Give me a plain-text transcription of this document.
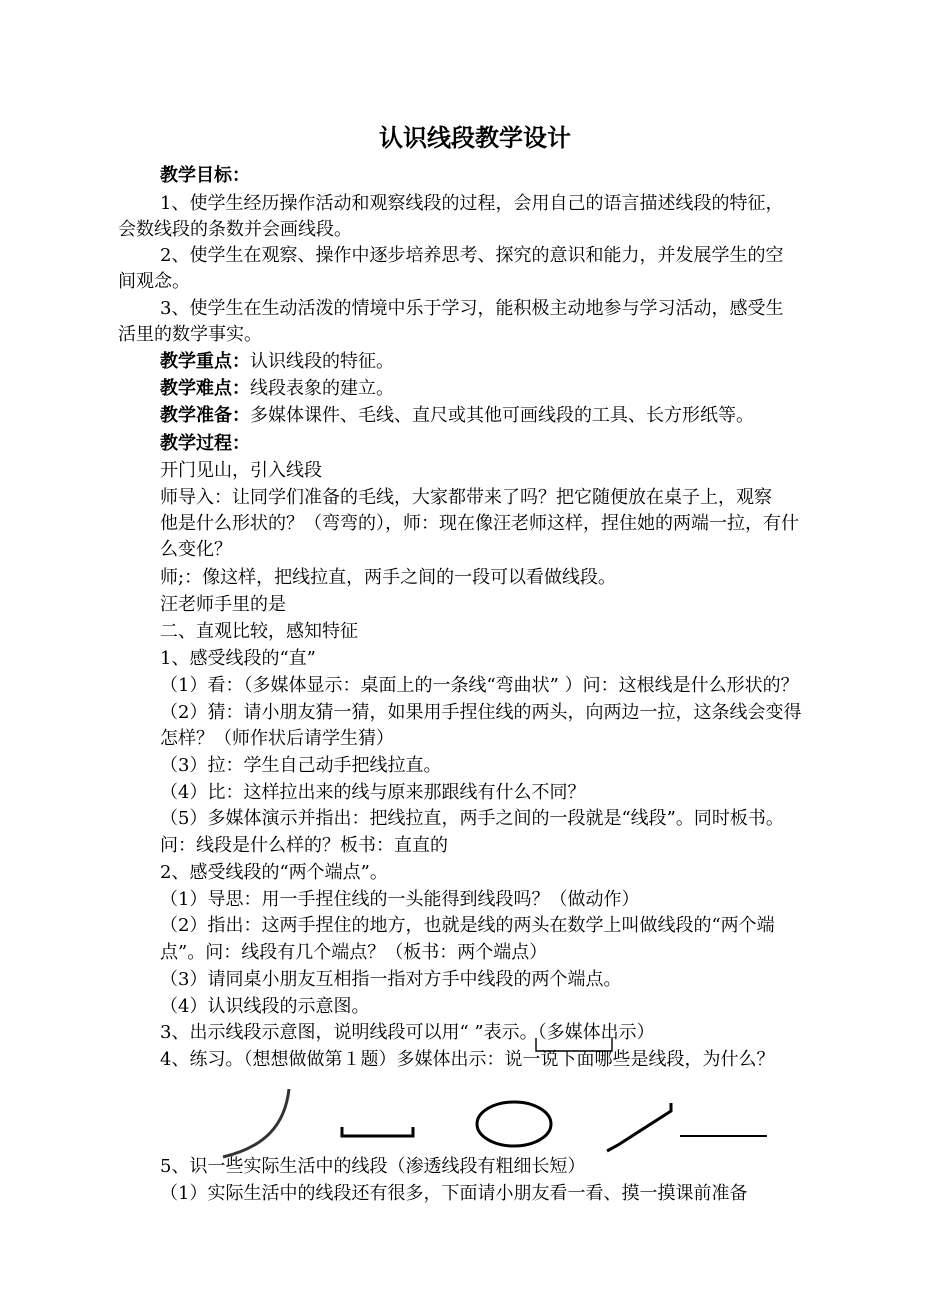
认识线段教学设计
教学目标：
1、使学生经历操作活动和观察线段的过程，会用自己的语言描述线段的特征，
会数线段的条数并会画线段。
2、使学生在观察、操作中逐步培养思考、探究的意识和能力，并发展学生的空
间观念。
3、使学生在生动活泼的情境中乐于学习，能积极主动地参与学习活动，感受生
活里的数学事实。
教学重点：认识线段的特征。
教学难点：线段表象的建立。
教学准备：多媒体课件、毛线、直尺或其他可画线段的工具、长方形纸等。
教学过程：
开门见山，引入线段
师导入：让同学们准备的毛线，大家都带来了吗？把它随便放在桌子上，观察
他是什么形状的？（弯弯的），师：现在像汪老师这样，捏住她的两端一拉，有什
么变化？
师;：像这样，把线拉直，两手之间的一段可以看做线段。
汪老师手里的是
二、直观比较，感知特征
1、感受线段的“直”
（1）看：（多媒体显示：桌面上的一条线“弯曲状” ）问：这根线是什么形状的？
（2）猜：请小朋友猜一猜，如果用手捏住线的两头，向两边一拉，这条线会变得
怎样？（师作状后请学生猜）
（3）拉：学生自己动手把线拉直。
（4）比：这样拉出来的线与原来那跟线有什么不同？
（5）多媒体演示并指出：把线拉直，两手之间的一段就是“线段”。同时板书。
问：线段是什么样的？板书：直直的
2、感受线段的“两个端点”。
（1）导思：用一手捏住线的一头能得到线段吗？（做动作）
（2）指出：这两手捏住的地方，也就是线的两头在数学上叫做线段的“两个端
点”。问：线段有几个端点？（板书：两个端点）
（3）请同桌小朋友互相指一指对方手中线段的两个端点。
（4）认识线段的示意图。
3、出示线段示意图，说明线段可以用“ ”表示。（多媒体出示）
4、练习。（想想做做第１题）多媒体出示：说一说下面哪些是线段，为什么？
5、识一些实际生活中的线段（渗透线段有粗细长短）
（1）实际生活中的线段还有很多，下面请小朋友看一看、摸一摸课前准备
